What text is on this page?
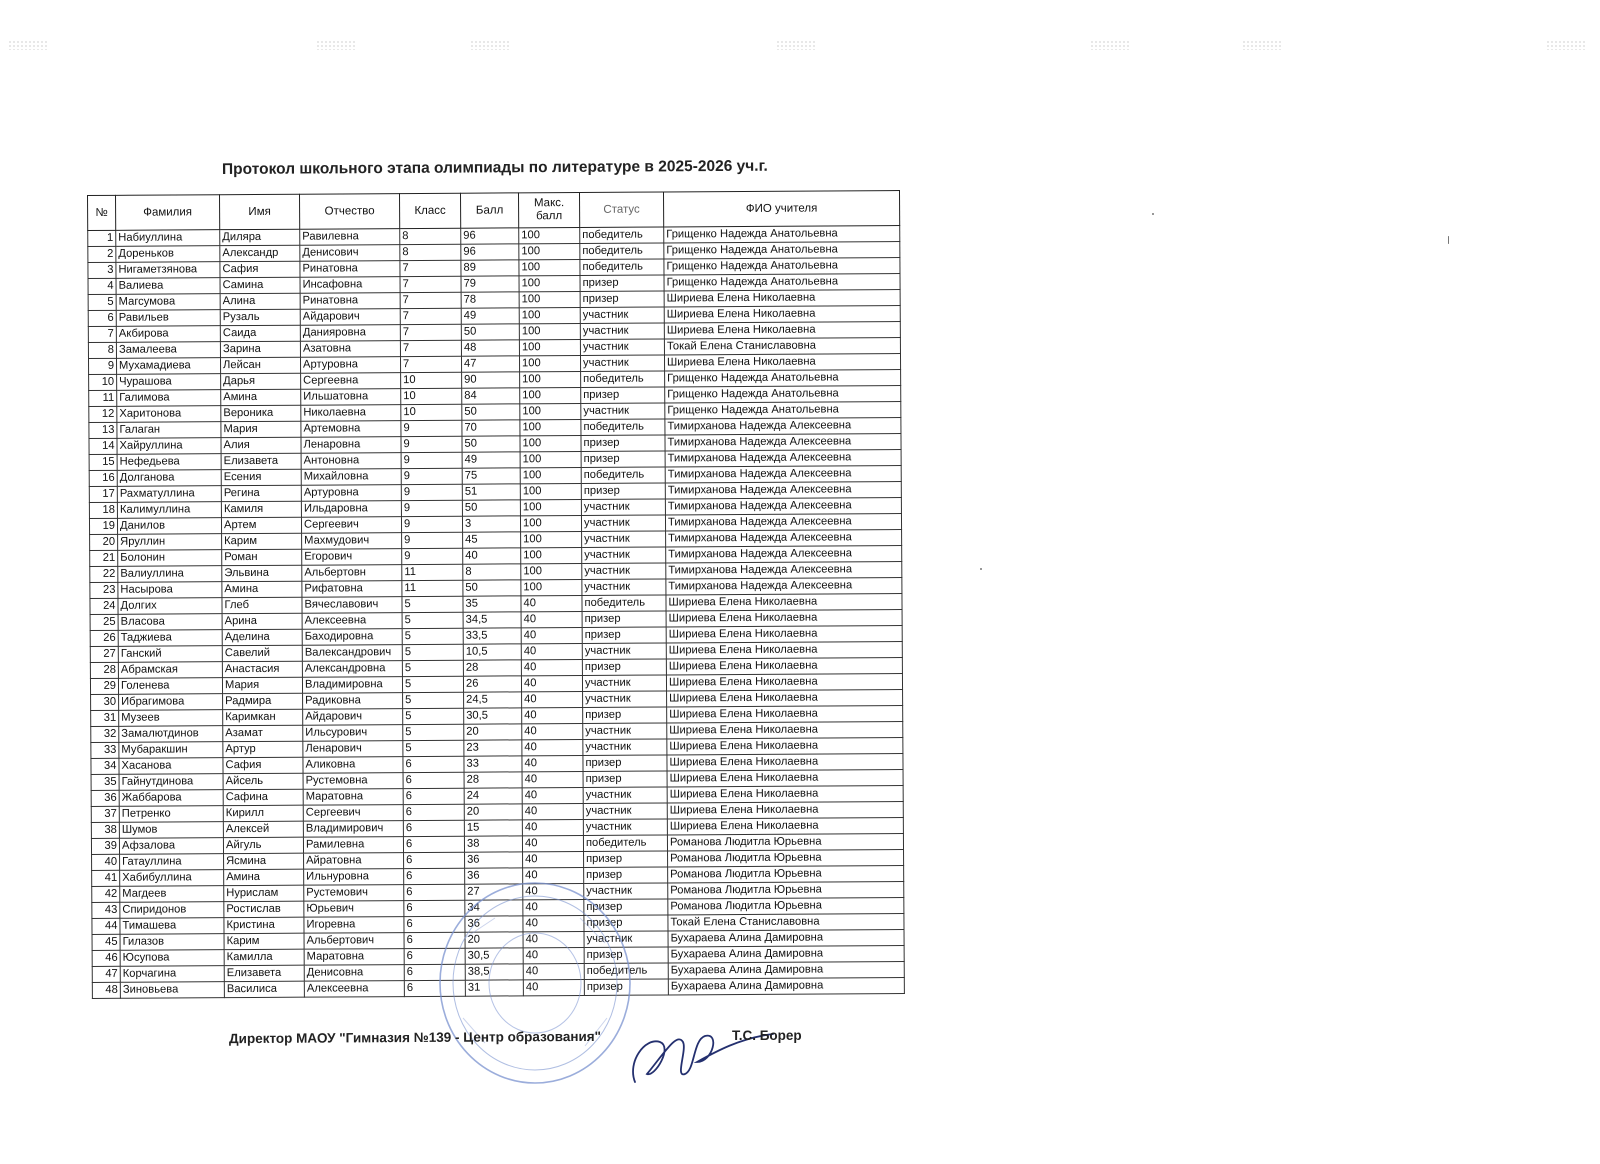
Протокол школьного этапа олимпиады по литературе в 2025-2026 уч.г.
№	Фамилия	Имя	Отчество	Класс	Балл	Макс. балл	Статус	ФИО учителя
1	Набиуллина	Диляра	Равилевна	8	96	100	победитель	Грищенко Надежда Анатольевна
2	Дореньков	Александр	Денисович	8	96	100	победитель	Грищенко Надежда Анатольевна
3	Нигаметзянова	Сафия	Ринатовна	7	89	100	победитель	Грищенко Надежда Анатольевна
4	Валиева	Самина	Инсафовна	7	79	100	призер	Грищенко Надежда Анатольевна
5	Магсумова	Алина	Ринатовна	7	78	100	призер	Шириева Елена Николаевна
6	Равильев	Рузаль	Айдарович	7	49	100	участник	Шириева Елена Николаевна
7	Акбирова	Саида	Данияровна	7	50	100	участник	Шириева Елена Николаевна
8	Замалеева	Зарина	Азатовна	7	48	100	участник	Токай Елена Станиславовна
9	Мухамадиева	Лейсан	Артуровна	7	47	100	участник	Шириева Елена Николаевна
10	Чурашова	Дарья	Сергеевна	10	90	100	победитель	Грищенко Надежда Анатольевна
11	Галимова	Амина	Ильшатовна	10	84	100	призер	Грищенко Надежда Анатольевна
12	Харитонова	Вероника	Николаевна	10	50	100	участник	Грищенко Надежда Анатольевна
13	Галаган	Мария	Артемовна	9	70	100	победитель	Тимирханова Надежда Алексеевна
14	Хайруллина	Алия	Ленаровна	9	50	100	призер	Тимирханова Надежда Алексеевна
15	Нефедьева	Елизавета	Антоновна	9	49	100	призер	Тимирханова Надежда Алексеевна
16	Долганова	Есения	Михайловна	9	75	100	победитель	Тимирханова Надежда Алексеевна
17	Рахматуллина	Регина	Артуровна	9	51	100	призер	Тимирханова Надежда Алексеевна
18	Калимуллина	Камиля	Ильдаровна	9	50	100	участник	Тимирханова Надежда Алексеевна
19	Данилов	Артем	Сергеевич	9	3	100	участник	Тимирханова Надежда Алексеевна
20	Яруллин	Карим	Махмудович	9	45	100	участник	Тимирханова Надежда Алексеевна
21	Болонин	Роман	Егорович	9	40	100	участник	Тимирханова Надежда Алексеевна
22	Валиуллина	Эльвина	Альбертовн	11	8	100	участник	Тимирханова Надежда Алексеевна
23	Насырова	Амина	Рифатовна	11	50	100	участник	Тимирханова Надежда Алексеевна
24	Долгих	Глеб	Вячеславович	5	35	40	победитель	Шириева Елена Николаевна
25	Власова	Арина	Алексеевна	5	34,5	40	призер	Шириева Елена Николаевна
26	Таджиева	Аделина	Баходировна	5	33,5	40	призер	Шириева Елена Николаевна
27	Ганский	Савелий	Валександрович	5	10,5	40	участник	Шириева Елена Николаевна
28	Абрамская	Анастасия	Александровна	5	28	40	призер	Шириева Елена Николаевна
29	Голенева	Мария	Владимировна	5	26	40	участник	Шириева Елена Николаевна
30	Ибрагимова	Радмира	Радиковна	5	24,5	40	участник	Шириева Елена Николаевна
31	Музеев	Каримкан	Айдарович	5	30,5	40	призер	Шириева Елена Николаевна
32	Замалютдинов	Азамат	Ильсурович	5	20	40	участник	Шириева Елена Николаевна
33	Мубаракшин	Артур	Ленарович	5	23	40	участник	Шириева Елена Николаевна
34	Хасанова	Сафия	Аликовна	6	33	40	призер	Шириева Елена Николаевна
35	Гайнутдинова	Айсель	Рустемовна	6	28	40	призер	Шириева Елена Николаевна
36	Жаббарова	Сафина	Маратовна	6	24	40	участник	Шириева Елена Николаевна
37	Петренко	Кирилл	Сергеевич	6	20	40	участник	Шириева Елена Николаевна
38	Шумов	Алексей	Владимирович	6	15	40	участник	Шириева Елена Николаевна
39	Афзалова	Айгуль	Рамилевна	6	38	40	победитель	Романова Людитла Юрьевна
40	Гатауллина	Ясмина	Айратовна	6	36	40	призер	Романова Людитла Юрьевна
41	Хабибуллина	Амина	Ильнуровна	6	36	40	призер	Романова Людитла Юрьевна
42	Магдеев	Нурислам	Рустемович	6	27	40	участник	Романова Людитла Юрьевна
43	Спиридонов	Ростислав	Юрьевич	6	34	40	призер	Романова Людитла Юрьевна
44	Тимашева	Кристина	Игоревна	6	36	40	призер	Токай Елена Станиславовна
45	Гилазов	Карим	Альбертович	6	20	40	участник	Бухараева Алина Дамировна
46	Юсупова	Камилла	Маратовна	6	30,5	40	призер	Бухараева Алина Дамировна
47	Корчагина	Елизавета	Денисовна	6	38,5	40	победитель	Бухараева Алина Дамировна
48	Зиновьева	Василиса	Алексеевна	6	31	40	призер	Бухараева Алина Дамировна
Директор МАОУ "Гимназия №139 - Центр образования"	Т.С. Борер
